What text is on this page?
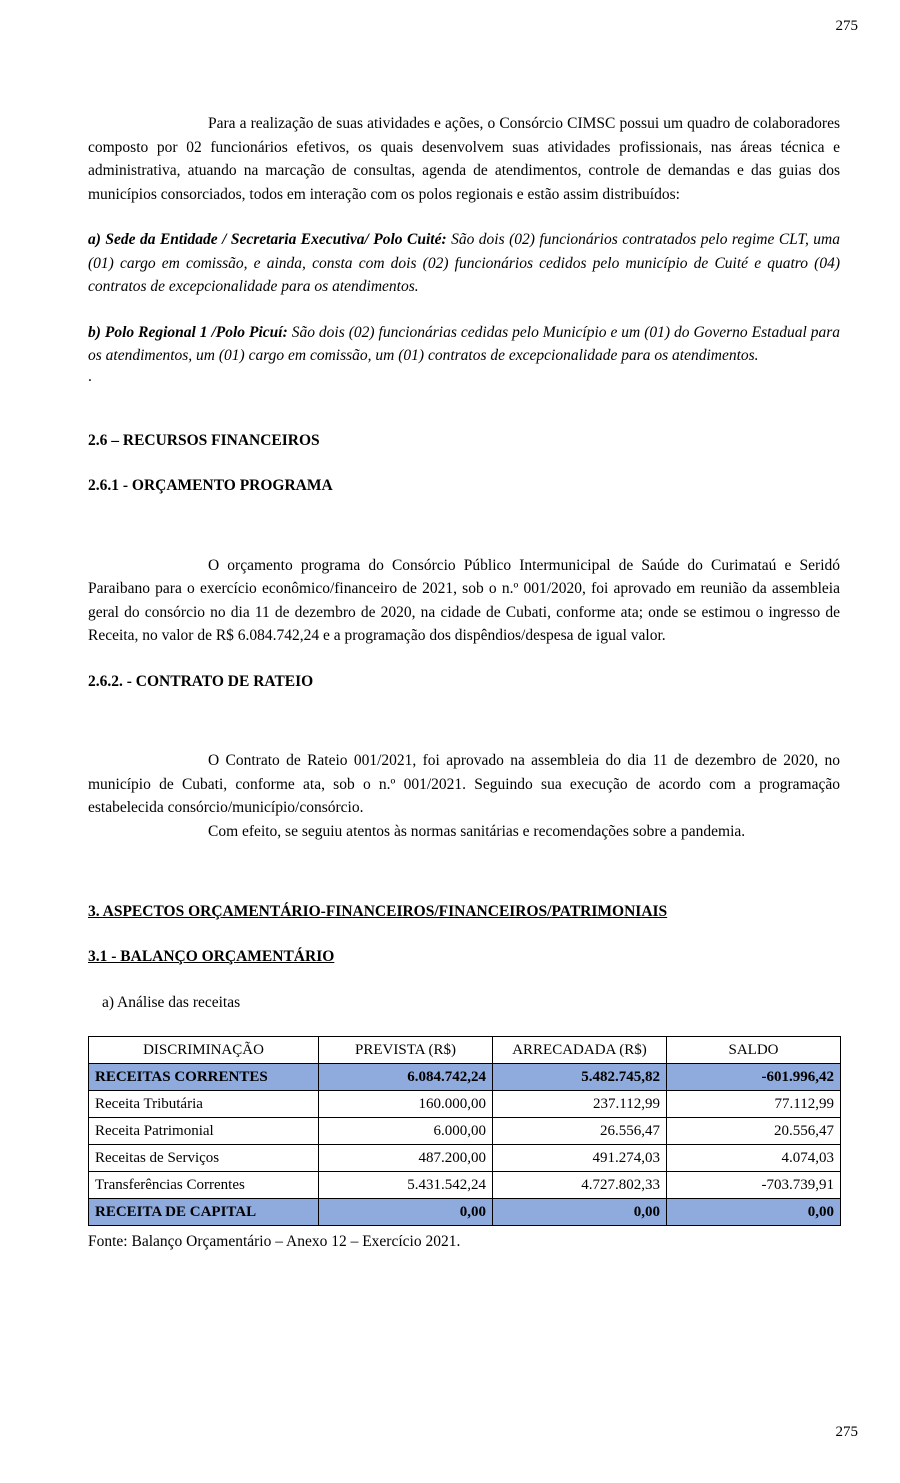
275

Para a realização de suas atividades e ações, o Consórcio CIMSC possui um quadro de colaboradores composto por 02 funcionários efetivos, os quais desenvolvem suas atividades profissionais, nas áreas técnica e administrativa, atuando na marcação de consultas, agenda de atendimentos, controle de demandas e das guias dos municípios consorciados, todos em interação com os polos regionais e estão assim distribuídos:

a) Sede da Entidade / Secretaria Executiva/ Polo Cuité: São dois (02) funcionários contratados pelo regime CLT, uma (01) cargo em comissão, e ainda, consta com dois (02) funcionários cedidos pelo município de Cuité e quatro (04) contratos de excepcionalidade para os atendimentos.

b) Polo Regional 1 /Polo Picuí: São dois (02) funcionárias cedidas pelo Município e um (01) do Governo Estadual para os atendimentos, um (01) cargo em comissão, um (01) contratos de excepcionalidade para os atendimentos.

.

2.6 – RECURSOS FINANCEIROS

2.6.1 - ORÇAMENTO PROGRAMA

O orçamento programa do Consórcio Público Intermunicipal de Saúde do Curimataú e Seridó Paraibano para o exercício econômico/financeiro de 2021, sob o n.º 001/2020, foi aprovado em reunião da assembleia geral do consórcio no dia 11 de dezembro de 2020, na cidade de Cubati, conforme ata; onde se estimou o ingresso de Receita, no valor de R$ 6.084.742,24 e a programação dos dispêndios/despesa de igual valor.

2.6.2. - CONTRATO DE RATEIO

O Contrato de Rateio 001/2021, foi aprovado na assembleia do dia 11 de dezembro de 2020, no município de Cubati, conforme ata, sob o n.º 001/2021. Seguindo sua execução de acordo com a programação estabelecida consórcio/município/consórcio.

Com efeito, se seguiu atentos às normas sanitárias e recomendações sobre a pandemia.

3. ASPECTOS ORÇAMENTÁRIO-FINANCEIROS/FINANCEIROS/PATRIMONIAIS

3.1 - BALANÇO ORÇAMENTÁRIO

a) Análise das receitas

DISCRIMINAÇÃO	PREVISTA (R$)	ARRECADADA (R$)	SALDO
RECEITAS CORRENTES	6.084.742,24	5.482.745,82	-601.996,42
Receita Tributária	160.000,00	237.112,99	77.112,99
Receita Patrimonial	6.000,00	26.556,47	20.556,47
Receitas de Serviços	487.200,00	491.274,03	4.074,03
Transferências Correntes	5.431.542,24	4.727.802,33	-703.739,91
RECEITA DE CAPITAL	0,00	0,00	0,00

Fonte: Balanço Orçamentário – Anexo 12 – Exercício 2021.

275
